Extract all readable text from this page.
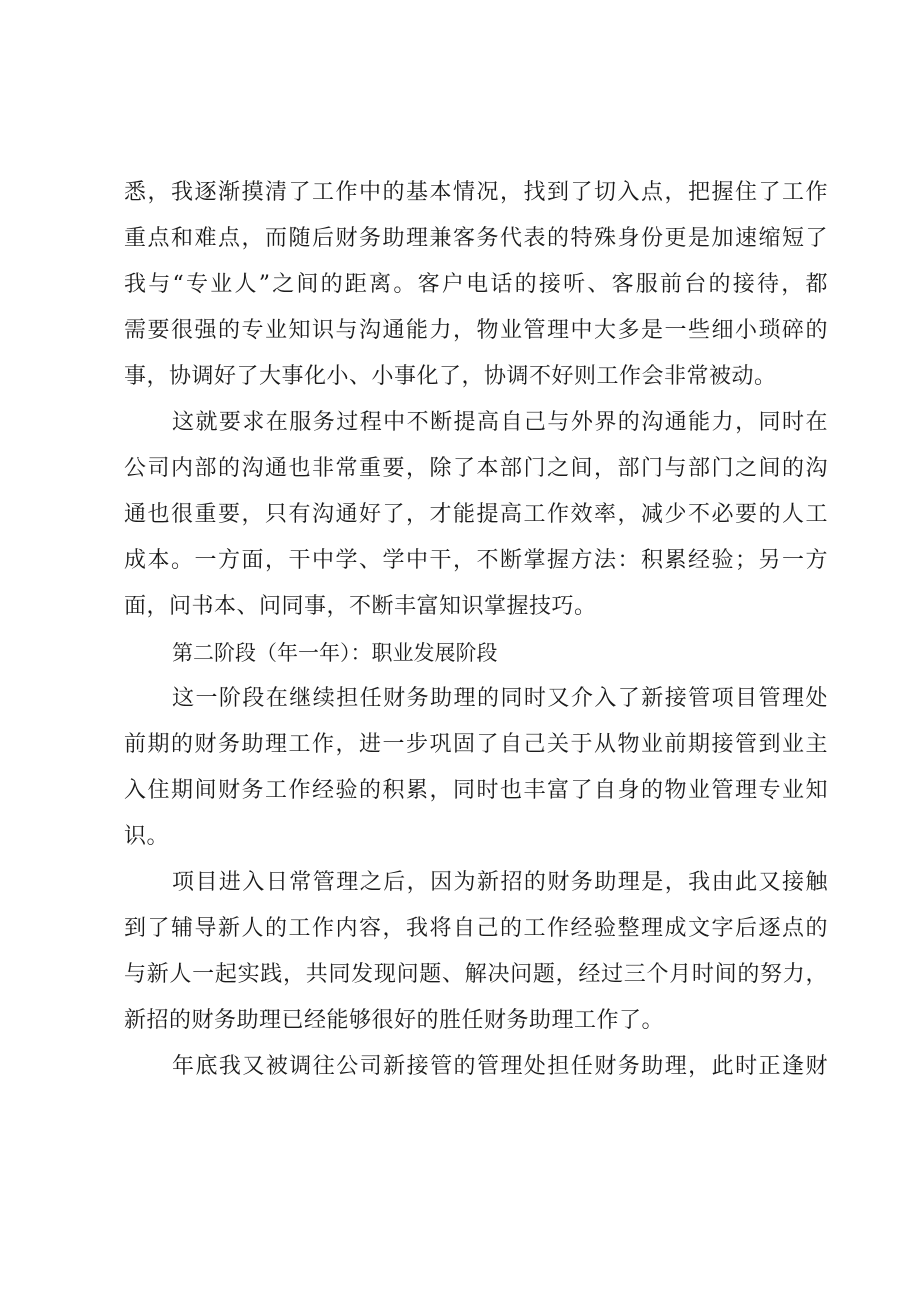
悉，我逐渐摸清了工作中的基本情况，找到了切入点，把握住了工作
重点和难点，而随后财务助理兼客务代表的特殊身份更是加速缩短了
我与“专业人”之间的距离。客户电话的接听、客服前台的接待，都
需要很强的专业知识与沟通能力，物业管理中大多是一些细小琐碎的
事，协调好了大事化小、小事化了，协调不好则工作会非常被动。
这就要求在服务过程中不断提高自己与外界的沟通能力，同时在
公司内部的沟通也非常重要，除了本部门之间，部门与部门之间的沟
通也很重要，只有沟通好了，才能提高工作效率，减少不必要的人工
成本。一方面，干中学、学中干，不断掌握方法：积累经验；另一方
面，问书本、问同事，不断丰富知识掌握技巧。
第二阶段（年一年）：职业发展阶段
这一阶段在继续担任财务助理的同时又介入了新接管项目管理处
前期的财务助理工作，进一步巩固了自己关于从物业前期接管到业主
入住期间财务工作经验的积累，同时也丰富了自身的物业管理专业知
识。
项目进入日常管理之后，因为新招的财务助理是，我由此又接触
到了辅导新人的工作内容，我将自己的工作经验整理成文字后逐点的
与新人一起实践，共同发现问题、解决问题，经过三个月时间的努力，
新招的财务助理已经能够很好的胜任财务助理工作了。
年底我又被调往公司新接管的管理处担任财务助理，此时正逢财
